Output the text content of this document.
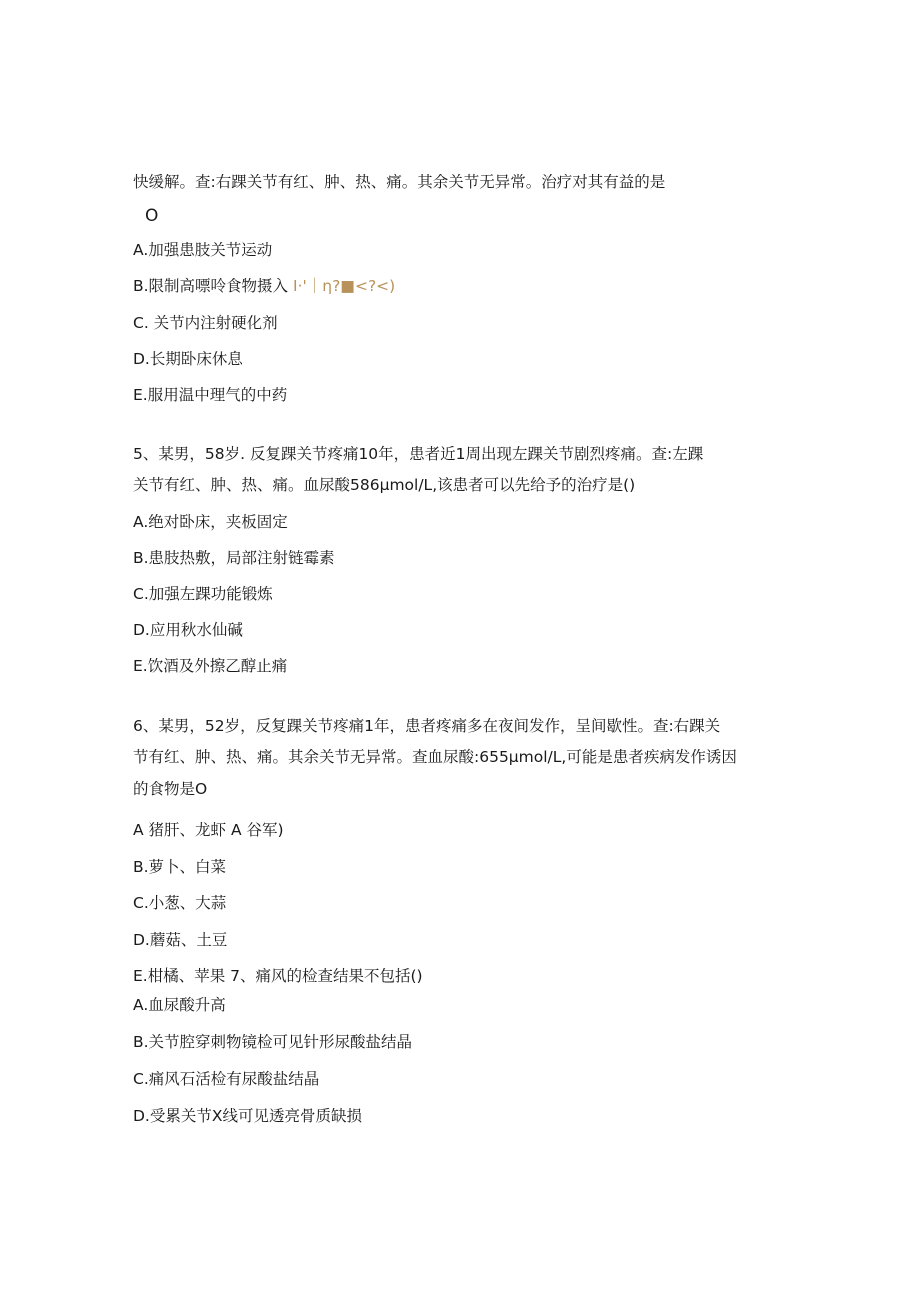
快缓解。查:右踝关节有红、肿、热、痛。其余关节无异常。治疗对其有益的是
O
A.加强患肢关节运动
B.限制高嘌呤食物摄入 I·'｜η?■<?<)
C. 关节内注射硬化剂
D.长期卧床休息
E.服用温中理气的中药
5、某男，58岁. 反复踝关节疼痛10年，患者近1周出现左踝关节剧烈疼痛。查:左踝
关节有红、肿、热、痛。血尿酸586μmol/L,该患者可以先给予的治疗是()
A.绝对卧床，夹板固定
B.患肢热敷，局部注射链霉素
C.加强左踝功能锻炼
D.应用秋水仙碱
E.饮酒及外擦乙醇止痛
6、某男，52岁，反复踝关节疼痛1年，患者疼痛多在夜间发作，呈间歇性。查:右踝关
节有红、肿、热、痛。其余关节无异常。查血尿酸:655μmol/L,可能是患者疾病发作诱因
的食物是O
A 猪肝、龙虾 A 谷军)
B.萝卜、白菜
C.小葱、大蒜
D.蘑菇、土豆
E.柑橘、苹果 7、痛风的检查结果不包括()
A.血尿酸升高
B.关节腔穿刺物镜检可见针形尿酸盐结晶
C.痛风石活检有尿酸盐结晶
D.受累关节X线可见透亮骨质缺损
